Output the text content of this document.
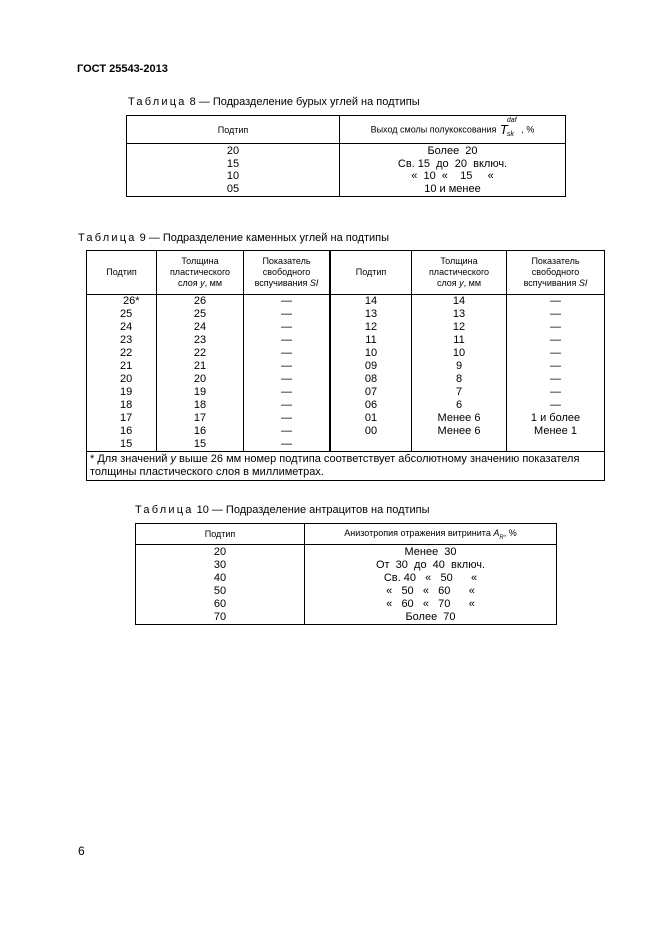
ГОСТ 25543-2013
Таблица 8 — Подразделение бурых углей на подтипы
Подтип	Выход смолы полукоксования T
daf
sk
, %
20	Более  20
15	Св. 15  до  20  включ.
10	«  10  «    15     «
05	10 и менее
Таблица 9 — Подразделение каменных углей на подтипы
Подтип	Толщина
пластического
слоя y, мм	Показатель
свободного
вспучивания SI	Подтип	Толщина
пластического
слоя y, мм	Показатель
свободного
вспучивания SI
26*	26	—	14	14	—
25	25	—	13	13	—
24	24	—	12	12	—
23	23	—	11	11	—
22	22	—	10	10	—
21	21	—	09	9	—
20	20	—	08	8	—
19	19	—	07	7	—
18	18	—	06	6	—
17	17	—	01	Менее 6	1 и более
16	16	—	00	Менее 6	Менее 1
15	15	—			
* Для значений y выше 26 мм номер подтипа соответствует абсолютному значению показателя толщины пластического слоя в миллиметрах.					
Таблица 10 — Подразделение антрацитов на подтипы
Подтип	Анизотропия отражения витринита $A_R$, %
20	Менее  30
30	От  30  до  40  включ.
40	Св. 40   «   50      «
50	«   50   «   60      «
60	«   60   «   70      «
70	Более  70
6
